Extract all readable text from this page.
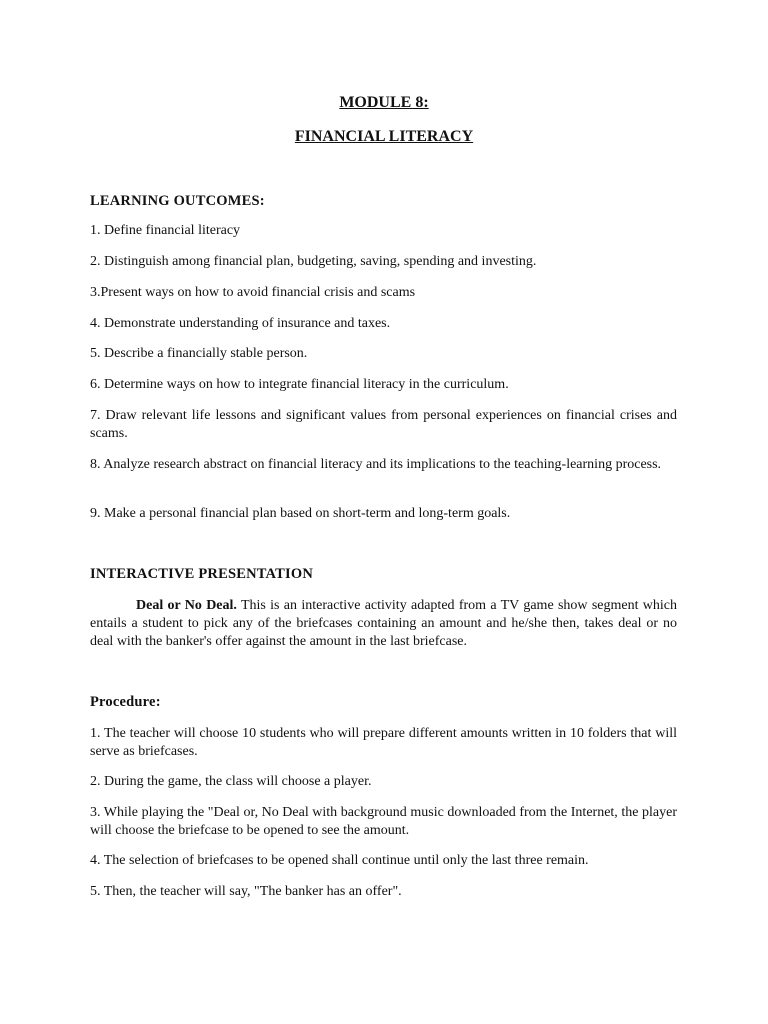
MODULE 8:
FINANCIAL LITERACY
LEARNING OUTCOMES:
1. Define financial literacy
2. Distinguish among financial plan, budgeting, saving, spending and investing.
3.Present ways on how to avoid financial crisis and scams
4. Demonstrate understanding of insurance and taxes.
5. Describe a financially stable person.
6. Determine ways on how to integrate financial literacy in the curriculum.
7. Draw relevant life lessons and significant values from personal experiences on financial crises and scams.
8. Analyze research abstract on financial literacy and its implications to the teaching-learning process.
9. Make a personal financial plan based on short-term and long-term goals.
INTERACTIVE PRESENTATION
Deal or No Deal. This is an interactive activity adapted from a TV game show segment which entails a student to pick any of the briefcases containing an amount and he/she then, takes deal or no deal with the banker's offer against the amount in the last briefcase.
Procedure:
1. The teacher will choose 10 students who will prepare different amounts written in 10 folders that will serve as briefcases.
2. During the game, the class will choose a player.
3. While playing the "Deal or, No Deal with background music downloaded from the Internet, the player will choose the briefcase to be opened to see the amount.
4. The selection of briefcases to be opened shall continue until only the last three remain.
5. Then, the teacher will say, "The banker has an offer".
